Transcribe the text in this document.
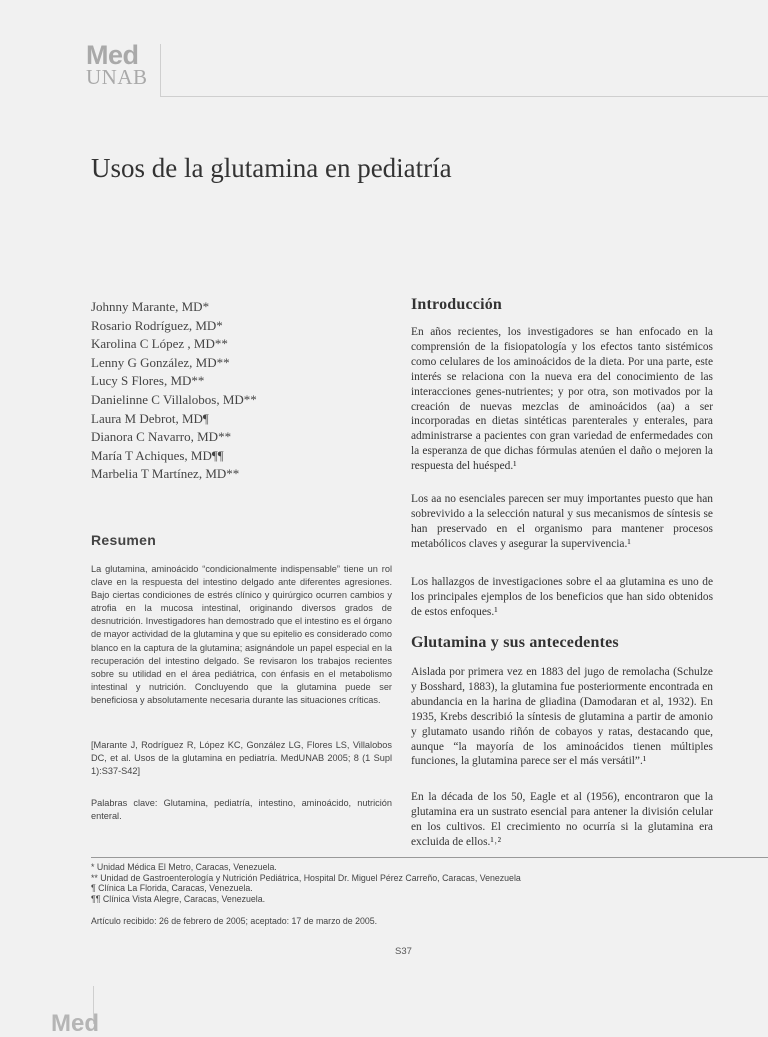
Med
UNAB
Usos de la glutamina en pediatría
Johnny Marante, MD*
Rosario Rodríguez, MD*
Karolina C López , MD**
Lenny G González, MD**
Lucy S Flores, MD**
Danielinne C Villalobos, MD**
Laura M Debrot, MD¶
Dianora C Navarro, MD**
María T Achiques, MD¶¶
Marbelia T Martínez, MD**
Resumen

La glutamina, aminoácido “condicionalmente indispensable” tiene un rol clave en la respuesta del intestino delgado ante diferentes agresiones. Bajo ciertas condiciones de estrés clínico y quirúrgico ocurren cambios y atrofia en la mucosa intestinal, originando diversos grados de desnutrición. Investigadores han demostrado que el intestino es el órgano de mayor actividad de la glutamina y que su epitelio es considerado como blanco en la captura de la glutamina; asignándole un papel especial en la recuperación del intestino delgado. Se revisaron los trabajos recientes sobre su utilidad en el área pediátrica, con énfasis en el metabolismo intestinal y nutrición. Concluyendo que la glutamina puede ser beneficiosa y absolutamente necesaria durante las situaciones críticas.

[Marante J, Rodríguez R, López KC, González LG, Flores LS, Villalobos DC, et al. Usos de la glutamina en pediatría. MedUNAB 2005; 8 (1 Supl 1):S37-S42]

Palabras clave: Glutamina, pediatría, intestino, aminoácido, nutrición enteral.

Introducción

En años recientes, los investigadores se han enfocado en la comprensión de la fisiopatología y los efectos tanto sistémicos como celulares de los aminoácidos de la dieta. Por una parte, este interés se relaciona con la nueva era del conocimiento de las interacciones genes-nutrientes; y por otra, son motivados por la creación de nuevas mezclas de aminoácidos (aa) a ser incorporadas en dietas sintéticas parenterales y enterales, para administrarse a pacientes con gran variedad de enfermedades con la esperanza de que dichas fórmulas atenúen el daño o mejoren la respuesta del huésped.¹

Los aa no esenciales parecen ser muy importantes puesto que han sobrevivido a la selección natural y sus mecanismos de síntesis se han preservado en el organismo para mantener procesos metabólicos claves y asegurar la supervivencia.¹

Los hallazgos de investigaciones sobre el aa glutamina es uno de los principales ejemplos de los beneficios que han sido obtenidos de estos enfoques.¹

Glutamina y sus antecedentes

Aislada por primera vez en 1883 del jugo de remolacha (Schulze y Bosshard, 1883), la glutamina fue posteriormente encontrada en abundancia en la harina de gliadina (Damodaran et al, 1932). En 1935, Krebs describió la síntesis de glutamina a partir de amonio y glutamato usando riñón de cobayos y ratas, destacando que, aunque “la mayoría de los aminoácidos tienen múltiples funciones, la glutamina parece ser el más versátil”.¹

En la década de los 50, Eagle et al (1956), encontraron que la glutamina era un sustrato esencial para antener la división celular en los cultivos. El crecimiento no ocurría si la glutamina era excluida de ellos.¹˒²

* Unidad Médica El Metro, Caracas, Venezuela.
** Unidad de Gastroenterología y Nutrición Pediátrica, Hospital Dr. Miguel Pérez Carreño, Caracas, Venezuela
¶ Clínica La Florida, Caracas, Venezuela.
¶¶ Clínica Vista Alegre, Caracas, Venezuela.

Artículo recibido: 26 de febrero de 2005; aceptado: 17 de marzo de 2005.

S37

Med
